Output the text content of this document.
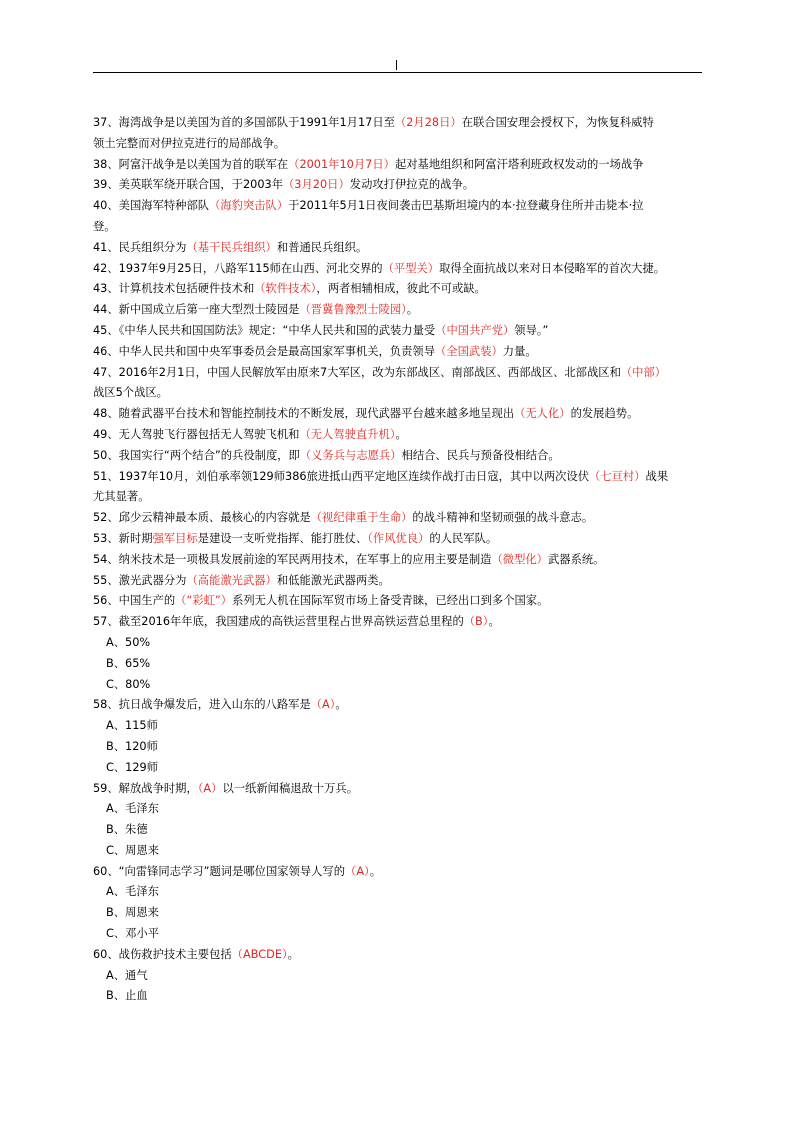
37、海湾战争是以美国为首的多国部队于1991年1月17日至（2月28日）在联合国安理会授权下，为恢复科威特
领土完整而对伊拉克进行的局部战争。
38、阿富汗战争是以美国为首的联军在（2001年10月7日）起对基地组织和阿富汗塔利班政权发动的一场战争
39、美英联军绕开联合国，于2003年（3月20日）发动攻打伊拉克的战争。
40、美国海军特种部队（海豹突击队）于2011年5月1日夜间袭击巴基斯坦境内的本·拉登藏身住所并击毙本·拉
登。
41、民兵组织分为（基干民兵组织）和普通民兵组织。
42、1937年9月25日，八路军115师在山西、河北交界的（平型关）取得全面抗战以来对日本侵略军的首次大捷。
43、计算机技术包括硬件技术和（软件技术），两者相辅相成，彼此不可或缺。
44、新中国成立后第一座大型烈士陵园是（晋冀鲁豫烈士陵园）。
45、《中华人民共和国国防法》规定：“中华人民共和国的武装力量受（中国共产党）领导。”
46、中华人民共和国中央军事委员会是最高国家军事机关，负责领导（全国武装）力量。
47、2016年2月1日，中国人民解放军由原来7大军区，改为东部战区、南部战区、西部战区、北部战区和（中部）
战区5个战区。
48、随着武器平台技术和智能控制技术的不断发展，现代武器平台越来越多地呈现出（无人化）的发展趋势。
49、无人驾驶飞行器包括无人驾驶飞机和（无人驾驶直升机）。
50、我国实行“两个结合”的兵役制度，即（义务兵与志愿兵）相结合、民兵与预备役相结合。
51、1937年10月，刘伯承率领129师386旅进抵山西平定地区连续作战打击日寇，其中以两次设伏（七亘村）战果
尤其显著。
52、邱少云精神最本质、最核心的内容就是（视纪律重于生命）的战斗精神和坚韧顽强的战斗意志。
53、新时期强军目标是建设一支听党指挥、能打胜仗、（作风优良）的人民军队。
54、纳米技术是一项极具发展前途的军民两用技术，在军事上的应用主要是制造（微型化）武器系统。
55、激光武器分为（高能激光武器）和低能激光武器两类。
56、中国生产的（“彩虹”）系列无人机在国际军贸市场上备受青睐，已经出口到多个国家。
57、截至2016年年底，我国建成的高铁运营里程占世界高铁运营总里程的（B）。
A、50%
B、65%
C、80%
58、抗日战争爆发后，进入山东的八路军是（A）。
A、115师
B、120师
C、129师
59、解放战争时期，（A）以一纸新闻稿退敌十万兵。
A、毛泽东
B、朱德
C、周恩来
60、“向雷锋同志学习”题词是哪位国家领导人写的（A）。
A、毛泽东
B、周恩来
C、邓小平
60、战伤救护技术主要包括（ABCDE）。
A、通气
B、止血
